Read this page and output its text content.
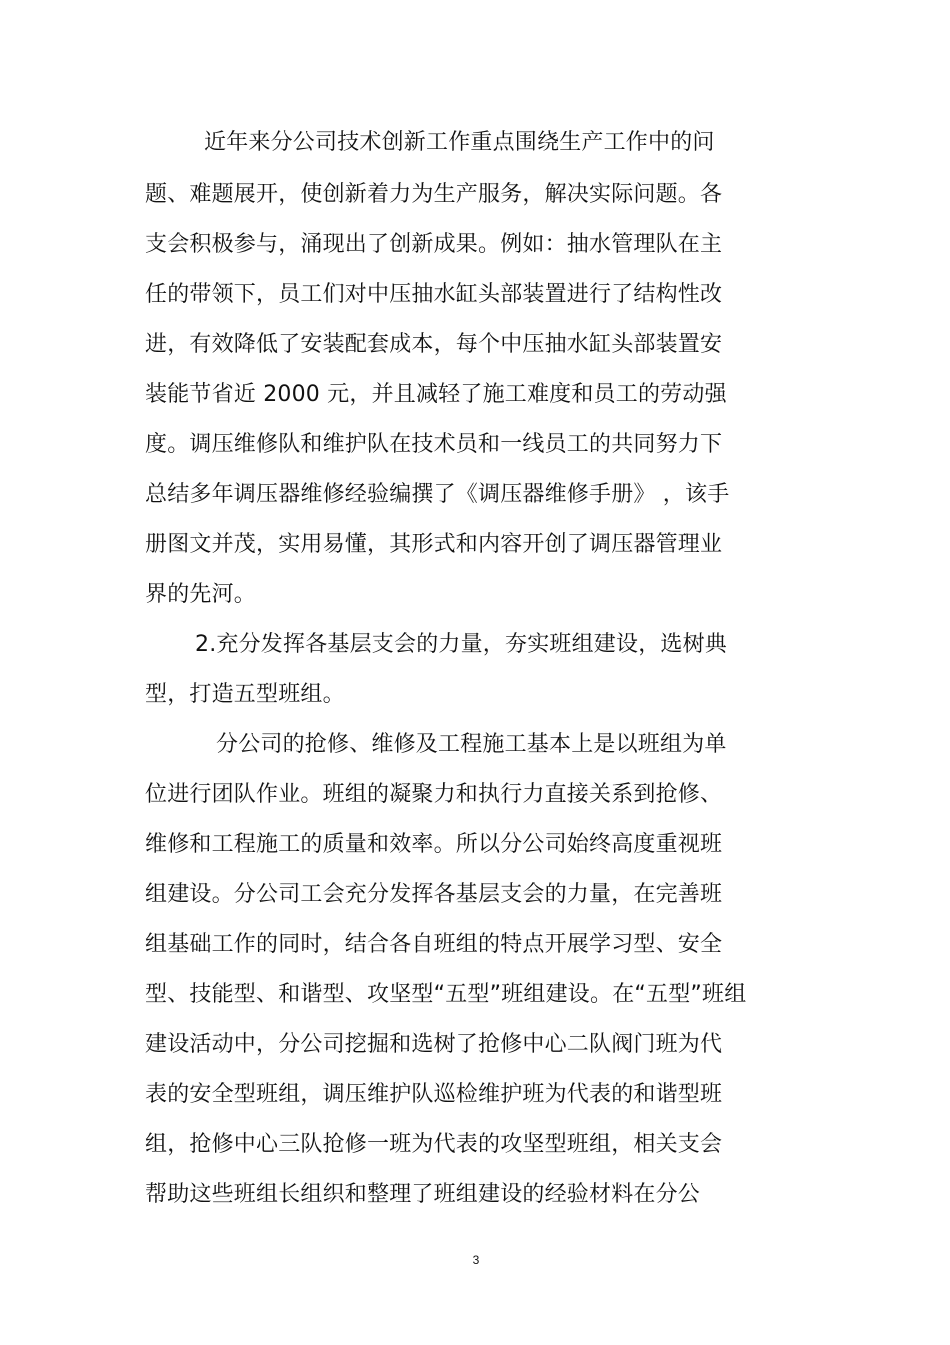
近年来分公司技术创新工作重点围绕生产工作中的问
题、难题展开，使创新着力为生产服务，解决实际问题。各
支会积极参与，涌现出了创新成果。例如：抽水管理队在主
任的带领下，员工们对中压抽水缸头部装置进行了结构性改
进，有效降低了安装配套成本，每个中压抽水缸头部装置安
装能节省近 2000 元，并且减轻了施工难度和员工的劳动强
度。调压维修队和维护队在技术员和一线员工的共同努力下
总结多年调压器维修经验编撰了《调压器维修手册》 ，该手
册图文并茂，实用易懂，其形式和内容开创了调压器管理业
界的先河。
2.充分发挥各基层支会的力量，夯实班组建设，选树典
型，打造五型班组。
分公司的抢修、维修及工程施工基本上是以班组为单
位进行团队作业。班组的凝聚力和执行力直接关系到抢修、
维修和工程施工的质量和效率。所以分公司始终高度重视班
组建设。分公司工会充分发挥各基层支会的力量，在完善班
组基础工作的同时，结合各自班组的特点开展学习型、安全
型、技能型、和谐型、攻坚型“五型”班组建设。在“五型”班组
建设活动中，分公司挖掘和选树了抢修中心二队阀门班为代
表的安全型班组，调压维护队巡检维护班为代表的和谐型班
组，抢修中心三队抢修一班为代表的攻坚型班组，相关支会
帮助这些班组长组织和整理了班组建设的经验材料在分公
3
